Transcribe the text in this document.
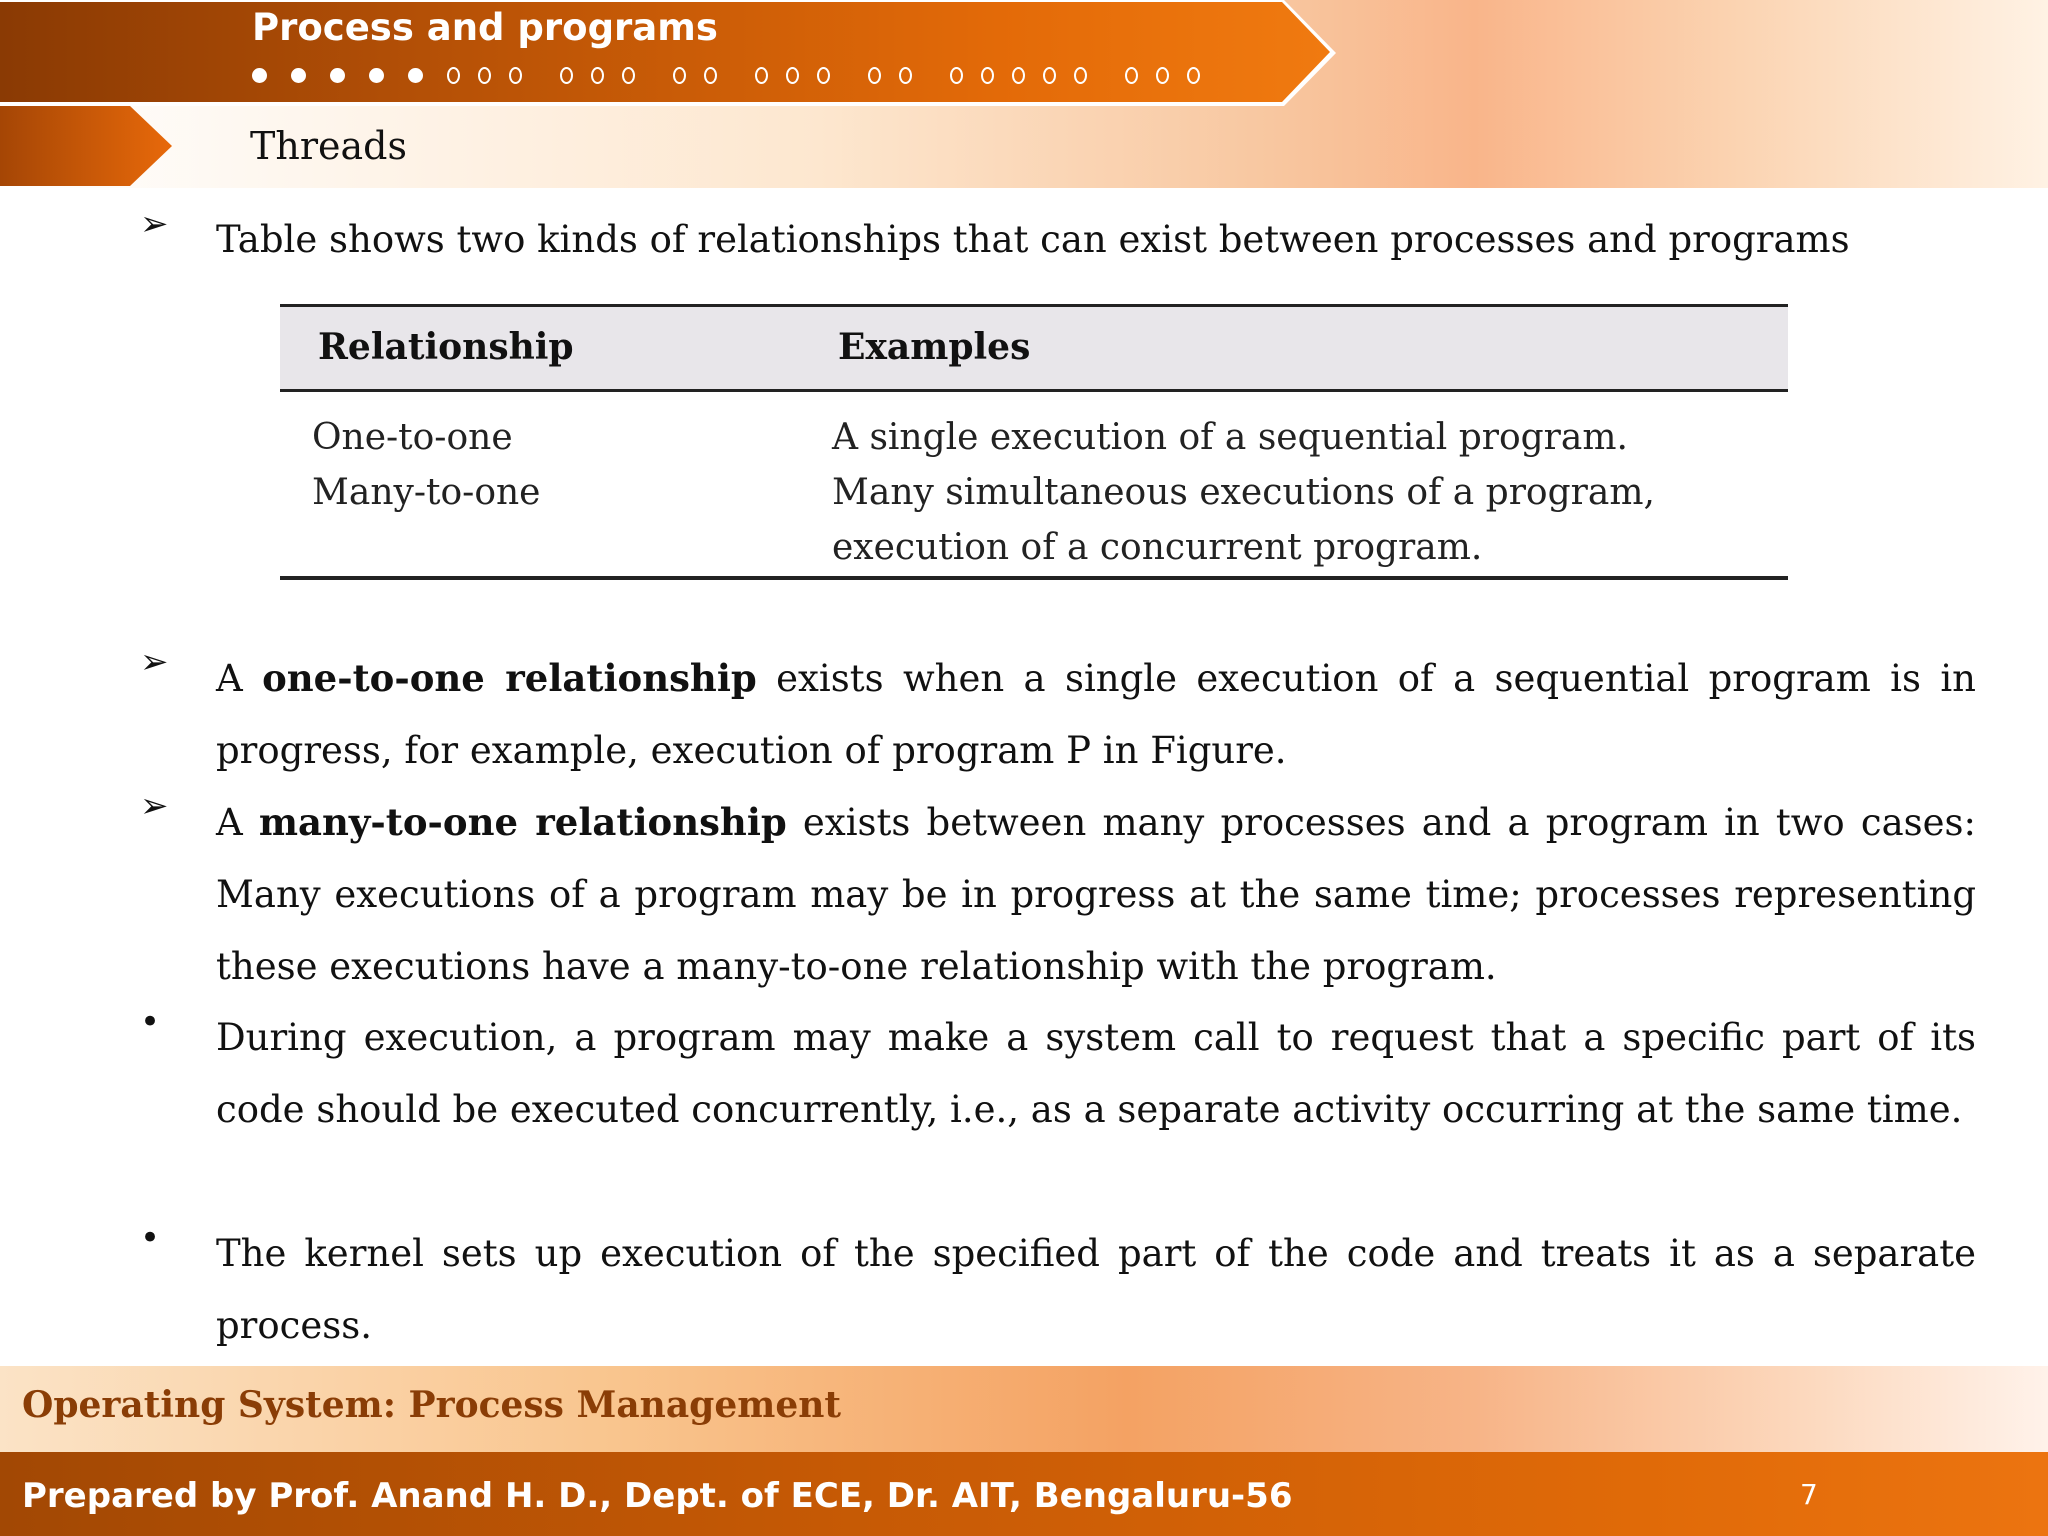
Process and programs
Threads
➢ Table shows two kinds of relationships that can exist between processes and programs
Relationship	Examples
One-to-one	A single execution of a sequential program.
Many-to-one	Many simultaneous executions of a program,
execution of a concurrent program.
➢ A one-to-one relationship exists when a single execution of a sequential program is in progress, for example, execution of program P in Figure.
➢ A many-to-one relationship exists between many processes and a program in two cases: Many executions of a program may be in progress at the same time; processes representing these executions have a many-to-one relationship with the program.
• During execution, a program may make a system call to request that a specific part of its code should be executed concurrently, i.e., as a separate activity occurring at the same time.
• The kernel sets up execution of the specified part of the code and treats it as a separate process.
Operating System: Process Management
Prepared by Prof. Anand H. D., Dept. of ECE, Dr. AIT, Bengaluru-56	7
